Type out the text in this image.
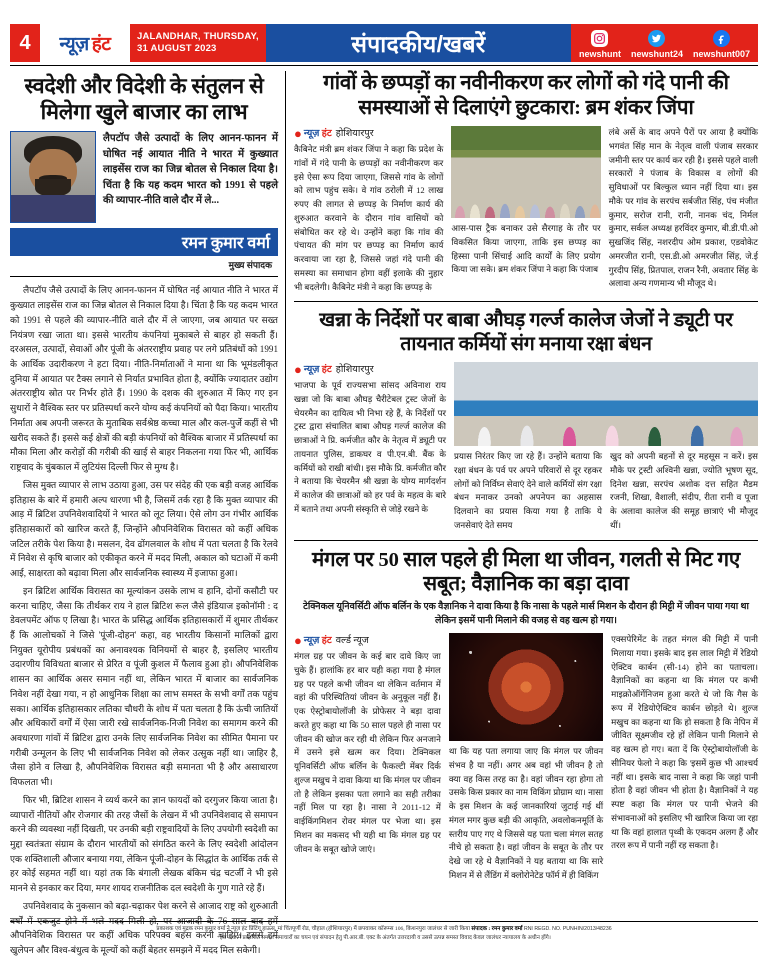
4	न्यूज़ हंट	JALANDHAR, THURSDAY,
31 AUGUST 2023	संपादकीय/खबरें	newshunt newshunt24 newshunt007
स्वदेशी और विदेशी के संतुलन से मिलेगा खुले बाजार का लाभ
लैपटॉप जैसे उत्पादों के लिए आनन-फानन में घोषित नई आयात नीति ने भारत में कुख्यात लाइसेंस राज का जिन्न बोतल से निकाल दिया है। चिंता है कि यह कदम भारत को 1991 से पहले की व्यापार-नीति वाले दौर में ले...
रमन कुमार वर्मा
मुख्य संपादक

लैपटॉप जैसे उत्पादों के लिए आनन-फानन में घोषित नई आयात नीति ने भारत में कुख्यात लाइसेंस राज का जिन्न बोतल से निकाल दिया है। चिंता है कि यह कदम भारत को 1991 से पहले की व्यापार-नीति वाले दौर में ले जाएगा, जब आयात पर सख्त नियंत्रण रखा जाता था। इससे भारतीय कंपनियां मुकाबले से बाहर हो सकती हैं। दरअसल, उत्पादों, सेवाओं और पूंजी के अंतरराष्ट्रीय प्रवाह पर लगे प्रतिबंधों को 1991 के आर्थिक उदारीकरण ने हटा दिया। नीति-निर्माताओं ने माना था कि भूमंडलीकृत दुनिया में आयात पर टैक्स लगाने से निर्यात प्रभावित होता है, क्योंकि ज्यादातर उद्योग अंतरराष्ट्रीय स्रोत पर निर्भर होते हैं। 1990 के दशक की शुरुआत में किए गए इन सुधारों ने वैश्विक स्तर पर प्रतिस्पर्धा करने योग्य कई कंपनियों को पैदा किया। भारतीय निर्माता अब अपनी जरूरत के मुताबिक सर्वश्रेष्ठ कच्चा माल और कल-पुर्जे कहीं से भी खरीद सकते हैं। इससे कई क्षेत्रों की बड़ी कंपनियों को वैश्विक बाजार में प्रतिस्पर्धा का मौका मिला और करोड़ों की गरीबी की खाई से बाहर निकलना गया फिर भी, आर्थिक राष्ट्रवाद के चुंबकाल में लुटियंस दिल्ली फिर से मुग्ध है।

जिस मुक्त व्यापार से लाभ उठाया हुआ, उस पर संदेह की एक बड़ी वजह आर्थिक इतिहास के बारे में हमारी अल्प धारणा भी है, जिसमें तर्क रहा है कि मुक्त व्यापार की आड़ में ब्रिटिश उपनिवेशवादियों ने भारत को लूट लिया। ऐसे लोग उन गंभीर आर्थिक इतिहासकारों को खारिज करते हैं, जिन्होंने औपनिवेशिक विरासत को कहीं अधिक जटिल तरीके पेश किया है। मसलन, देव ढोंगलवाल के शोध में पता चलता है कि रेलवे में निवेश से कृषि बाजार को एकीकृत करने में मदद मिली, अकाल को घटाओं में कमी आई, साक्षरता को बढ़ावा मिला और सार्वजनिक स्वास्थ्य में इजाफा हुआ।

इन ब्रिटिश आर्थिक विरासत का मूल्यांकन उसके लाभ व हानि, दोनों कसौटी पर करना चाहिए, जैसा कि तीर्थकर राय ने हाल ब्रिटिश रूल जैसे इंडियाज इकोनॉमी : द डेवलपमेंट ऑफ ए लिखा है। भारत के प्रसिद्ध आर्थिक इतिहासकारों में शुमार तीर्थकर हैं कि आलोचकों ने जिसे 'पूंजी-दोहन' कहा, वह भारतीय किसानों मालिकों द्वारा नियुक्त यूरोपीय प्रबंधकों का अनावश्यक विनियमों से बाहर है, इसलिए भारतीय उदारणीय विविधता बाजार से प्रेरित व पूंजी कुशल में फैलाव हुआ हो। औपनिवेशिक शासन का आर्थिक असर समान नहीं था, लेकिन भारत में बाजार का सार्वजनिक निवेश नहीं देखा गया, न हो आधुनिक शिक्षा का लाभ समस्त के सभी वर्गों तक पहुंच सका। आर्थिक इतिहासकार लतिका चौधरी के शोध में पता चलता है कि ऊंची जातियों और अधिकारों वर्गों में ऐसा जारी रखे सार्वजनिक-निजी निवेश का समागम करने की अवधारणा गांवों में ब्रिटिश द्वारा उनके लिए सार्वजनिक निवेश का सीमित पैमाना पर गरीबी उन्मूलन के लिए भी सार्वजनिक निवेश को लेकर उत्सुक नहीं था। जाहिर है, जैसा होने व लिखा है, औपनिवेशिक विरासत बड़ी समानता भी है और असाधारण विफलता भी।

फिर भी, ब्रिटिश शासन ने व्यर्थ करने का ज्ञान फायदों को दरगुजर किया जाता है। व्यापारों नीतियों और रोजगार की तरह जैसों के लेखन में भी उपनिवेशवाद से समापन करने की व्यवस्था नहीं दिखती, पर उनकी बड़ी राष्ट्रवादियों के लिए उपयोगी स्वदेशी का मुद्दा स्वतंत्रता संग्राम के दौरान भारतीयों को संगठित करने के लिए स्वदेशी आंदोलन एक शक्तिशाली औजार बनाया गया, लेकिन पूंजी-दोहन के सिद्धांत के आर्थिक तर्क से हर कोई सहमत नहीं था। यहां तक कि बंगाली लेखक बंकिम चंद्र चटर्जी ने भी इसे मानने से इनकार कर दिया, मगर शायद राजनीतिक दल स्वदेशी के गुण गाते रहे हैं।

उपनिवेशवाद के नुकसान को बढ़ा-चढ़ाकर पेश करने से आजाद राष्ट्र को शुरुआती वर्षों में एकजुट होने में भले मदद मिली हो, पर आजादी के 76 साल बाद हमें औपनिवेशिक विरासत पर कहीं अधिक परिपक्व बहस करनी चाहिए। इससे हमें खुलेपन और विश्व-बंधुत्व के मूल्यों को कहीं बेहतर समझने में मदद मिल सकेगी।

गांवों के छप्पड़ों का नवीनीकरण कर लोगों को गंदे पानी की समस्याओं से दिलाएंगे छुटकारा: ब्रम शंकर जिंपा
● न्यूज़ हंट होशियारपुर

कैबिनेट मंत्री ब्रम शंकर जिंपा ने कहा कि प्रदेश के गांवों में गंदे पानी के छप्पड़ों का नवीनीकरण कर इसे ऐसा रूप दिया जाएगा, जिससे गांव के लोगों को लाभ पहुंच सके। वे गांव ठरोली में 12 लाख रुपए की लागत से छप्पड़ के निर्माण कार्य की शुरुआत करवाने के दौरान गांव वासियों को संबोधित कर रहे थे। उन्होंने कहा कि गांव की पंचायत की मांग पर छप्पड़ का निर्माण कार्य करवाया जा रहा है, जिससे जहां गंदे पानी की समस्या का समाधान होगा वहीं इलाके की नुहार भी बदलेगी। कैबिनेट मंत्री ने कहा कि छप्पड़ के

आस-पास ट्रैक बनाकर उसे सैरगाह के तौर पर विकसित किया जाएगा, ताकि इस छप्पड़ का हिस्सा पानी सिंचाई आदि कार्यों के लिए प्रयोग किया जा सके। ब्रम शंकर जिंपा ने कहा कि पंजाब

लंबे अर्से के बाद अपने पैरों पर आया है क्योंकि भगवंत सिंह मान के नेतृत्व वाली पंजाब सरकार जमीनी स्तर पर कार्य कर रही है। इससे पहले वाली सरकारों ने पंजाब के विकास व लोगों की सुविधाओं पर बिल्कुल ध्यान नहीं दिया था। इस मौके पर गांव के सरपंच सर्बजीत सिंह, पंच मंजीत कुमार, सरोज रानी, रानी, नानक चंद, निर्मल कुमार, सर्कल अध्यक्ष हरविंदर कुमार, बी.डी.पी.ओ सुखजिंद सिंह, नशरदीप ओम प्रकाश, एडवोकेट अमरजीत रानी, एस.डी.ओ अमरजीत सिंह, जे.ई गुरदीप सिंह, प्रितपाल, राजन रैनी, अवतार सिंह के अलावा अन्य गणमान्य भी मौजूद थे।

खन्ना के निर्देशों पर बाबा औघड़ गर्ल्ज कालेज जेजों ने ड्यूटी पर तायनात कर्मियों संग मनाया रक्षा बंधन
● न्यूज़ हंट होशियारपुर

भाजपा के पूर्व राज्यसभा सांसद अविनाश राय खन्ना जो कि बाबा औघड़ चैरीटेबल ट्रस्ट जेजों के चेयरमैन का दायित्व भी निभा रहे हैं, के निर्देशों पर ट्रस्ट द्वारा संचालित बाबा औघड़ गर्ल्ज कालेज की छात्राओं ने प्रि. कर्मजीत कौर के नेतृत्व में ड्यूटी पर तायनात पुलिस, डाकघर व पी.एन.बी. बैंक के कर्मियों को राखी बांधी। इस मौके प्रि. कर्मजीत कौर ने बताया कि चेयरमैन श्री खन्ना के योग्य मार्गदर्शन में कालेज की छात्राओं को हर पर्व के महत्व के बारे में बताने तथा अपनी संस्कृति से जोड़े रखने के

प्रयास निरंतर किए जा रहे हैं। उन्होंने बताया कि रक्षा बंधन के पर्व पर अपने परिवारों से दूर रहकर लोगों को निर्विघ्न सेवाएं देने वाले कर्मियों संग रक्षा बंधन मनाकर उनको अपनेपन का अहसास दिलवाने का प्रयास किया गया है ताकि ये जनसेवाएं देते समय

खुद को अपनी बहनों से दूर महसूस न करें। इस मौके पर ट्रस्टी अश्विनी खन्ना, ज्योति भूषण सूद, दिनेश खन्ना, सरपंच अशोक दत्त सहित मैडम रजनी, शिखा, वैशाली, संदीप, रीता रानी व पूजा के अलावा कालेज की समूह छात्राएं भी मौजूद थीं।

मंगल पर 50 साल पहले ही मिला था जीवन, गलती से मिट गए सबूत; वैज्ञानिक का बड़ा दावा
टेक्निकल यूनिवर्सिटी ऑफ बर्लिन के एक वैज्ञानिक ने दावा किया है कि नासा के पहले मार्स मिशन के दौरान ही मिट्टी में जीवन पाया गया था लेकिन इसमें पानी मिलाने की वजह से वह खत्म हो गया।
● न्यूज़ हंट वर्ल्ड न्यूज

मंगल ग्रह पर जीवन के कई बार दावे किए जा चुके हैं। हालांकि हर बार यही कहा गया है मंगल ग्रह पर पहले कभी जीवन था लेकिन वर्तमान में वहां की परिस्थितियां जीवन के अनुकूल नहीं हैं। एक ऐस्ट्रोबायोलॉजी के प्रोफेसर ने बड़ा दावा करते हुए कहा था कि 50 साल पहले ही नासा पर जीवन की खोज कर रही थी लेकिन फिर अनजाने में उसने इसे खत्म कर दिया। टेक्निकल यूनिवर्सिटी ऑफ बर्लिन के फैकल्टी मेंबर दिर्क शुल्ज मखुच ने दावा किया था कि मंगल पर जीवन तो है लेकिन इसका पता लगाने का सही तरीका नहीं मिल पा रहा है। नासा ने 2011-12 में वाईकिंगमिशन रोवर मंगल पर भेजा था। इस मिशन का मकसद भी यही था कि मंगल ग्रह पर जीवन के सबूत खोजे जाएं।

था कि यह पता लगाया जाए कि मंगल पर जीवन संभव है या नहीं। अगर अब वहां भी जीवन है तो क्या वह किस तरह का है। वहां जीवन रहा होगा तो उसके किस प्रकार का नाम विकिंग प्रोग्राम था। नासा के इस मिशन के कई जानकारियां जुटाई गई थीं मंगल मगर कुछ बड़ी की आकृति, अवलोकनमूर्ति के स्तरीय पाए गए थे जिससे यह पता चला मंगल सतह नीचे हो सकता है। वहां जीवन के सबूत के तौर पर देखे जा रहे थे वैज्ञानिकों ने यह बताया था कि सारे मिशन में से लैंडिंग में क्लोरोनेटेड फॉर्म में ही विकिंग

एक्सपेरिमेंट के तहत मंगल की मिट्टी में पानी मिलाया गया। इसके बाद इस लाल मिट्टी में रेडियो ऐक्टिव कार्बन (सी-14) होने का पताचला। वैज्ञानिकों का कहना था कि मंगल पर कभी माइक्रोऑर्गेनिजम हुआ करते थे जो कि गैस के रूप में रेडियोऐक्टिव कार्बन छोड़ते थे। शुल्ज मखुच का कहना था कि हो सकता है कि नेपिन में जीवित सूक्ष्मजीव रहे हों लेकिन पानी मिलाने से वह खत्म हो गए। बता दें कि ऐस्ट्रोबायोलॉजी के सीनियर फेलो ने कहा कि 'इसमें कुछ भी आश्चर्य नहीं था। इसके बाद नासा ने कहा कि जहां पानी होता है वहां जीवन भी होता है। वैज्ञानिकों ने यह स्पष्ट कहा कि मंगल पर पानी भेजने की संभावनाओं को इसलिए भी खारिज किया जा रहा था कि वहां हालात पृथ्वी के एकदम अलग हैं और तरल रूप में पानी नहीं रह सकता है।

प्रकाशक एवं मुद्रक रमन कुमार वर्मा ने न्यूज़ हंट प्रिंटिंग हाऊस, मां चिंतपूर्णी रोड, चौहाल (होशियारपुर) में छपवाकर कॉरूम्स 106, किशनपुरा जालंधर से जारी किया संपादक : रमन कुमार वर्मा RNI REGD. NO. PUNHIN/2013/48236
*इस अंक में प्रकाशित समस्त समाचारों का चयन एवं संपादन हेतु पी.आर.बी. एक्ट के अंतर्गत उत्तरदायी व उससे उत्पन्न समस्त विवाद केवल जालंधर न्यायालय के अधीन होंगे।
